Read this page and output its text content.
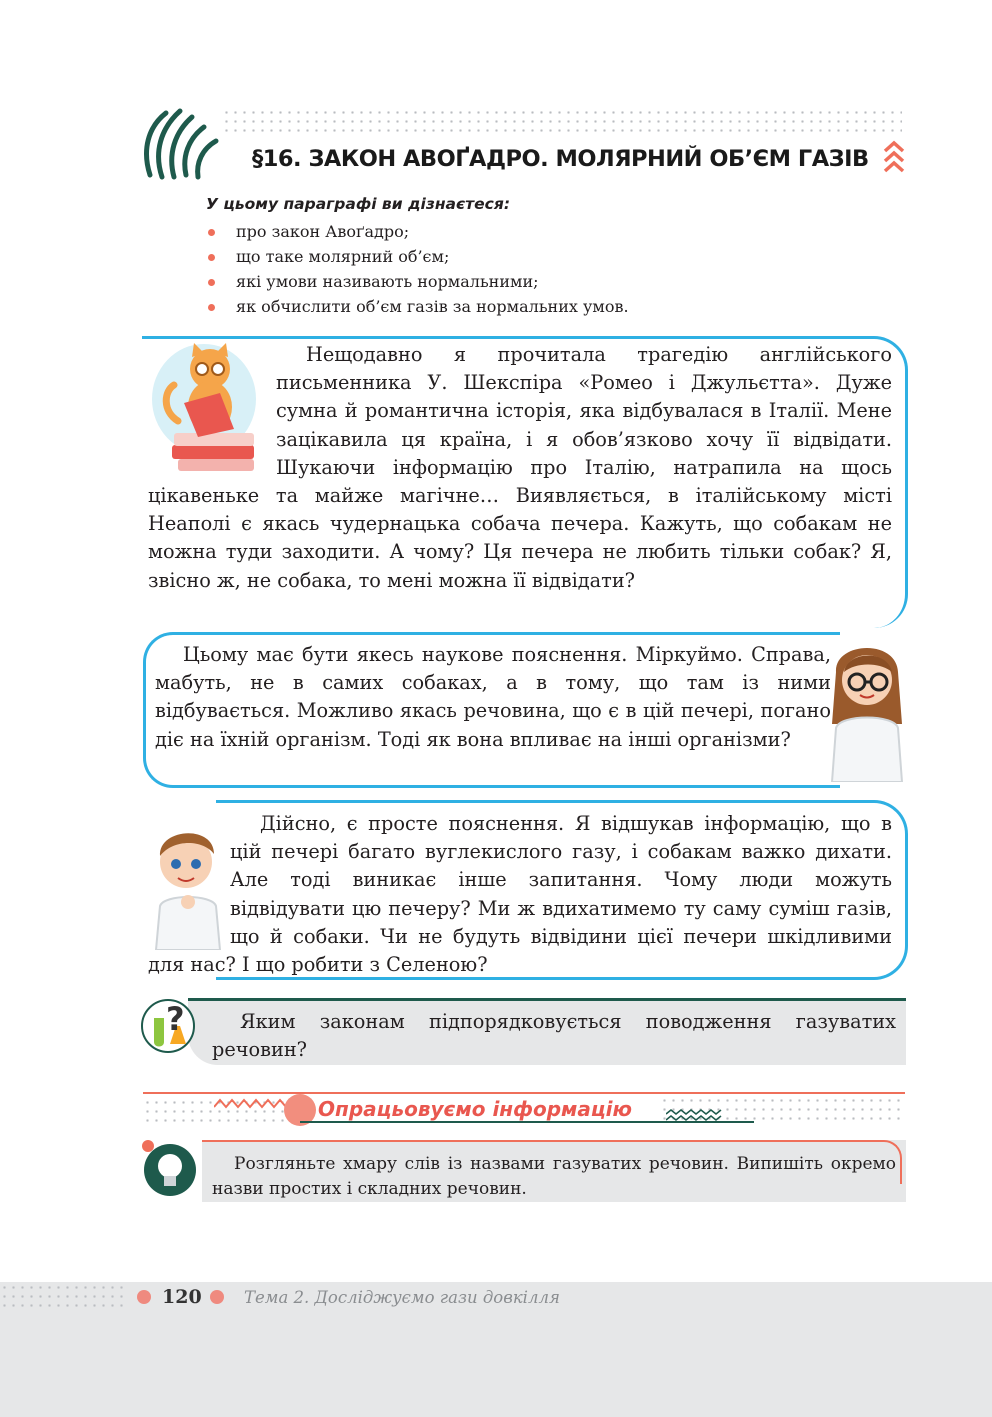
§16. ЗАКОН АВОҐАДРО. МОЛЯРНИЙ ОБ’ЄМ ГАЗІВ
У цьому параграфі ви дізнаєтеся:
про закон Авоґадро;
що таке молярний об’єм;
які умови називають нормальними;
як обчислити об’єм газів за нормальних умов.

Нещодавно я прочитала трагедію англійського письменника У. Шекспіра «Ромео і Джульєтта». Дуже сумна й романтична історія, яка відбувалася в Італії. Мене зацікавила ця країна, і я обов’язково хочу її відвідати. Шукаючи інформацію про Італію, натрапила на щось цікавеньке та майже магічне… Виявляється, в італійському місті Неаполі є якась чудернацька собача печера. Кажуть, що собакам не можна туди заходити. А чому? Ця печера не любить тільки собак? Я, звісно ж, не собака, то мені можна її відвідати?

Цьому має бути якесь наукове пояснення. Міркуймо. Справа, мабуть, не в самих собаках, а в тому, що там із ними відбувається. Можливо якась речовина, що є в цій печері, погано діє на їхній організм. Тоді як вона впливає на інші організми?

Дійсно, є просте пояснення. Я відшукав інформацію, що в цій печері багато вуглекислого газу, і собакам важко дихати. Але тоді виникає інше запитання. Чому люди можуть відвідувати цю печеру? Ми ж вдихатимемо ту саму суміш газів, що й собаки. Чи не будуть відвідини цієї печери шкідливими для нас? І що робити з Селеною?

?	Яким законам підпорядковується поводження газуватих речовин?

Опрацьовуємо інформацію

Розгляньте хмару слів із назвами газуватих речовин. Випишіть окремо назви простих і складних речовин.

120	Тема 2. Досліджуємо гази довкілля
